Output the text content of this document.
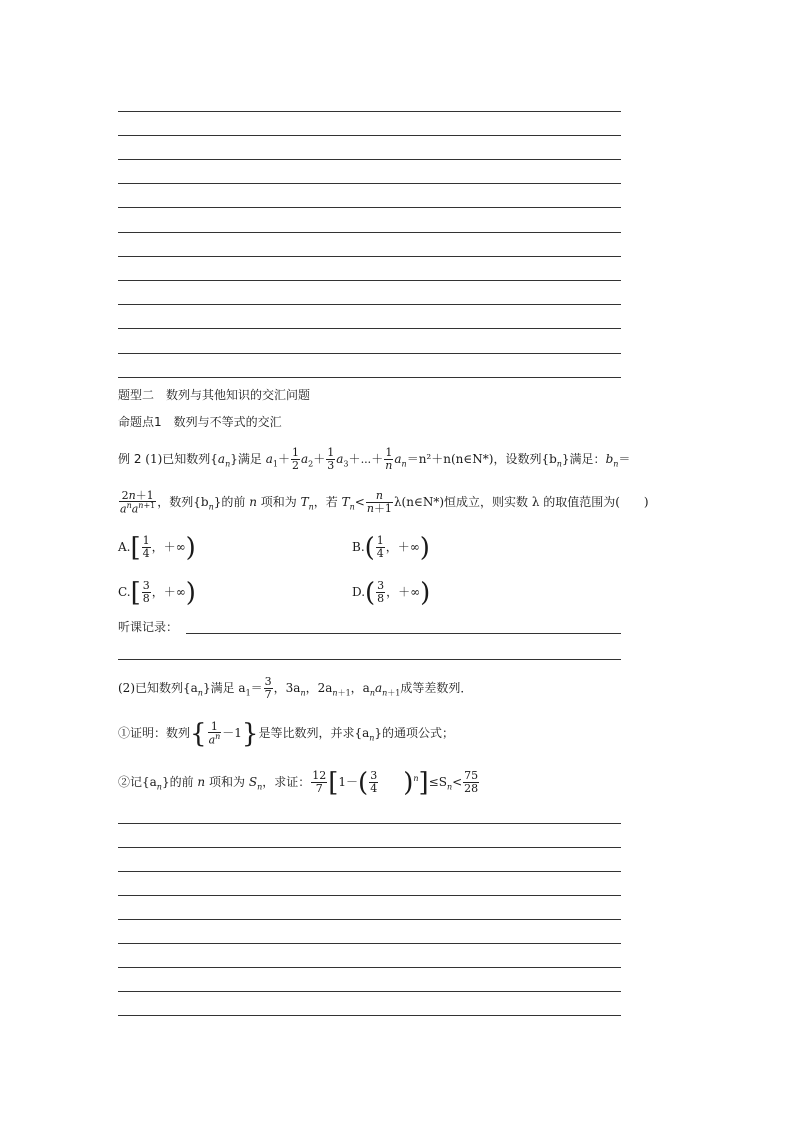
题型二　数列与其他知识的交汇问题
命题点1　数列与不等式的交汇
例 2 (1)已知数列$\{a_n\}$满足 $a_1+ \frac{1}{2} a_2+ \frac{1}{3}$ $a_3+\cdots+ \frac{1}{n}$ $a_n=n^2+n(n\in N*)$，设数列$\{b_n\}$满足：$b_n=$
$\frac{2n+1}{a^na^{n+1}}$ ，数列$\{b_n\}$的前 n 项和为 $T_n$，若 $T_n< \frac{n}{n+1}$ λ(n∈N*)恒成立，则实数 λ 的取值范围为(　　)
$A.[ \frac{1}{4}$ ，＋∞)	$B.( \frac{1}{4}$ ，＋∞)
$C.[ \frac{3}{8}$ ，＋∞)	$D.( \frac{3}{8}$ ，＋∞)
听课记录：
(2)已知数列$\{a_n\}$满足 $a_1= \frac{3}{7}$ ，$3a_n$，$2a_{n+1}$，$a_na_{n+1}$成等差数列．
①证明：数列{ $\frac{1}{a^n} -1$}是等比数列，并求$\{a_n\}$的通项公式；
②记$\{a_n\}$的前 n 项和为 $S_n$，求证： $\frac{12}{7} [1-( \frac{3}{4}$
　　 )$^n]\le S_n< \frac{75}{28}$
